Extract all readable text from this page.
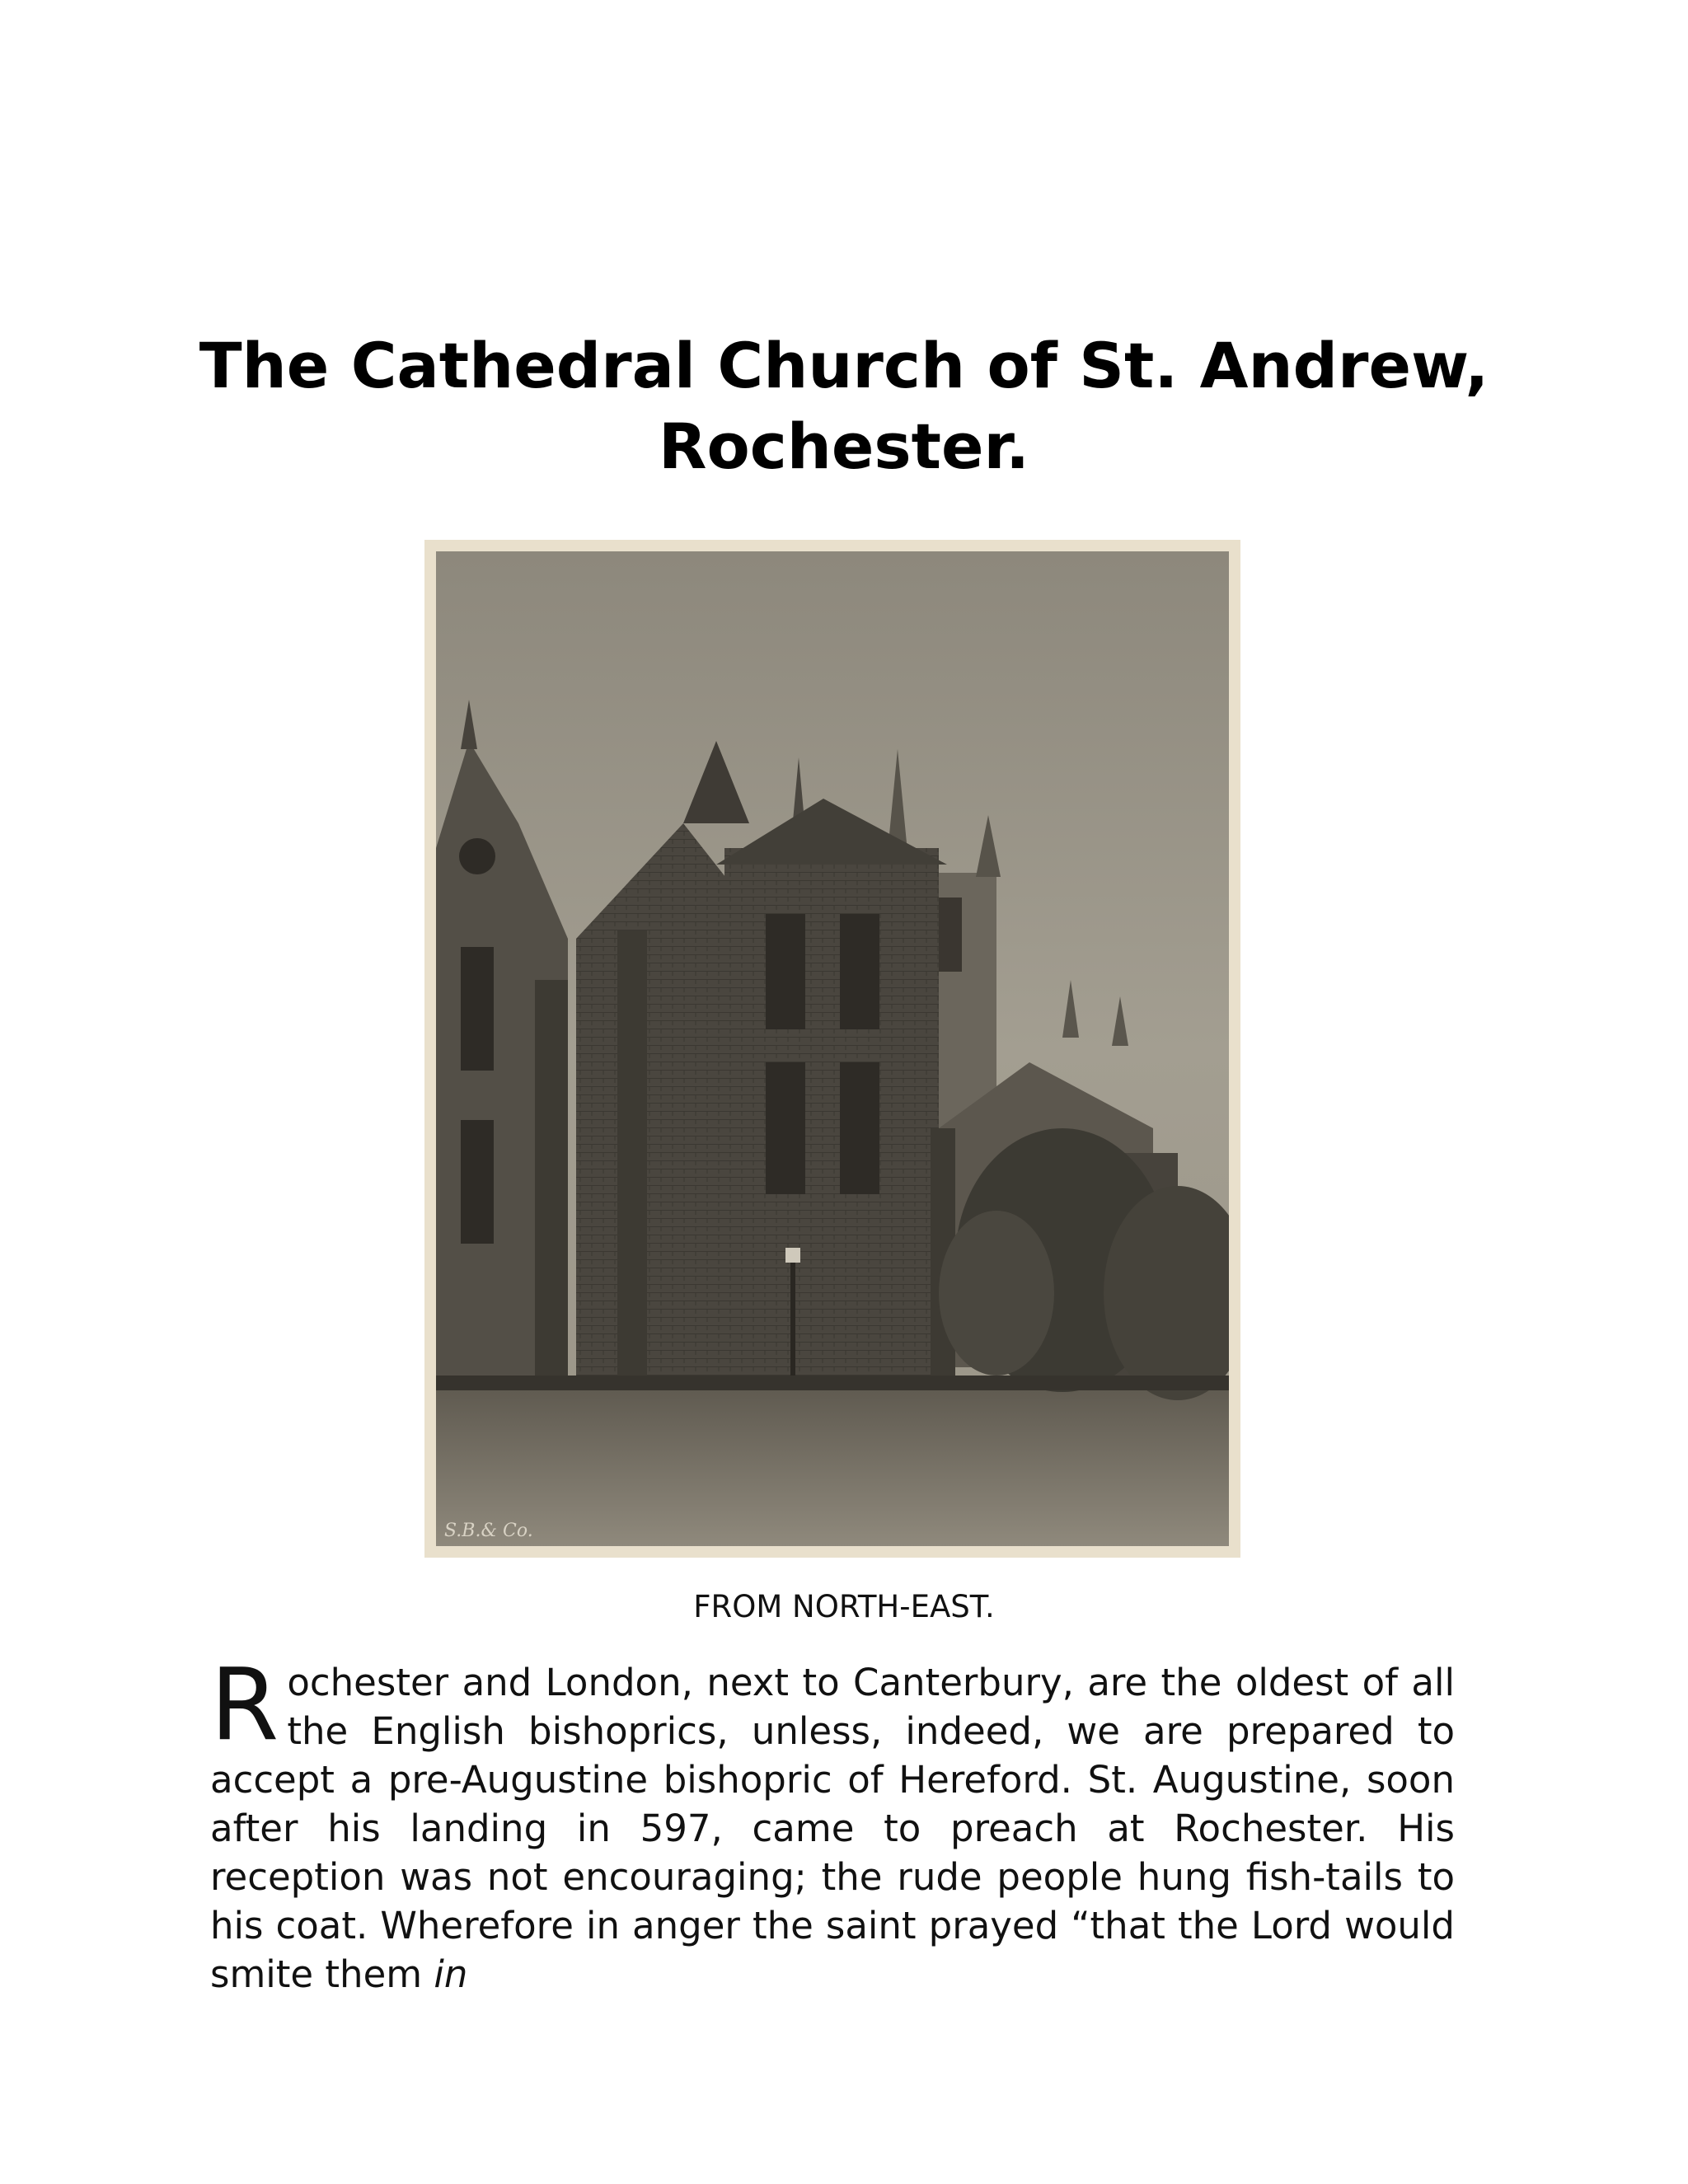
The Cathedral Church of St. Andrew,
Rochester.
S.B.& Co.
FROM NORTH-EAST.
Rochester and London, next to Canterbury, are the oldest of all the English bishoprics, unless, indeed, we are prepared to accept a pre-Augustine bishopric of Hereford. St. Augustine, soon after his landing in 597, came to preach at Rochester. His reception was not encouraging; the rude people hung fish-tails to his coat. Wherefore in anger the saint prayed “that the Lord would smite them in
